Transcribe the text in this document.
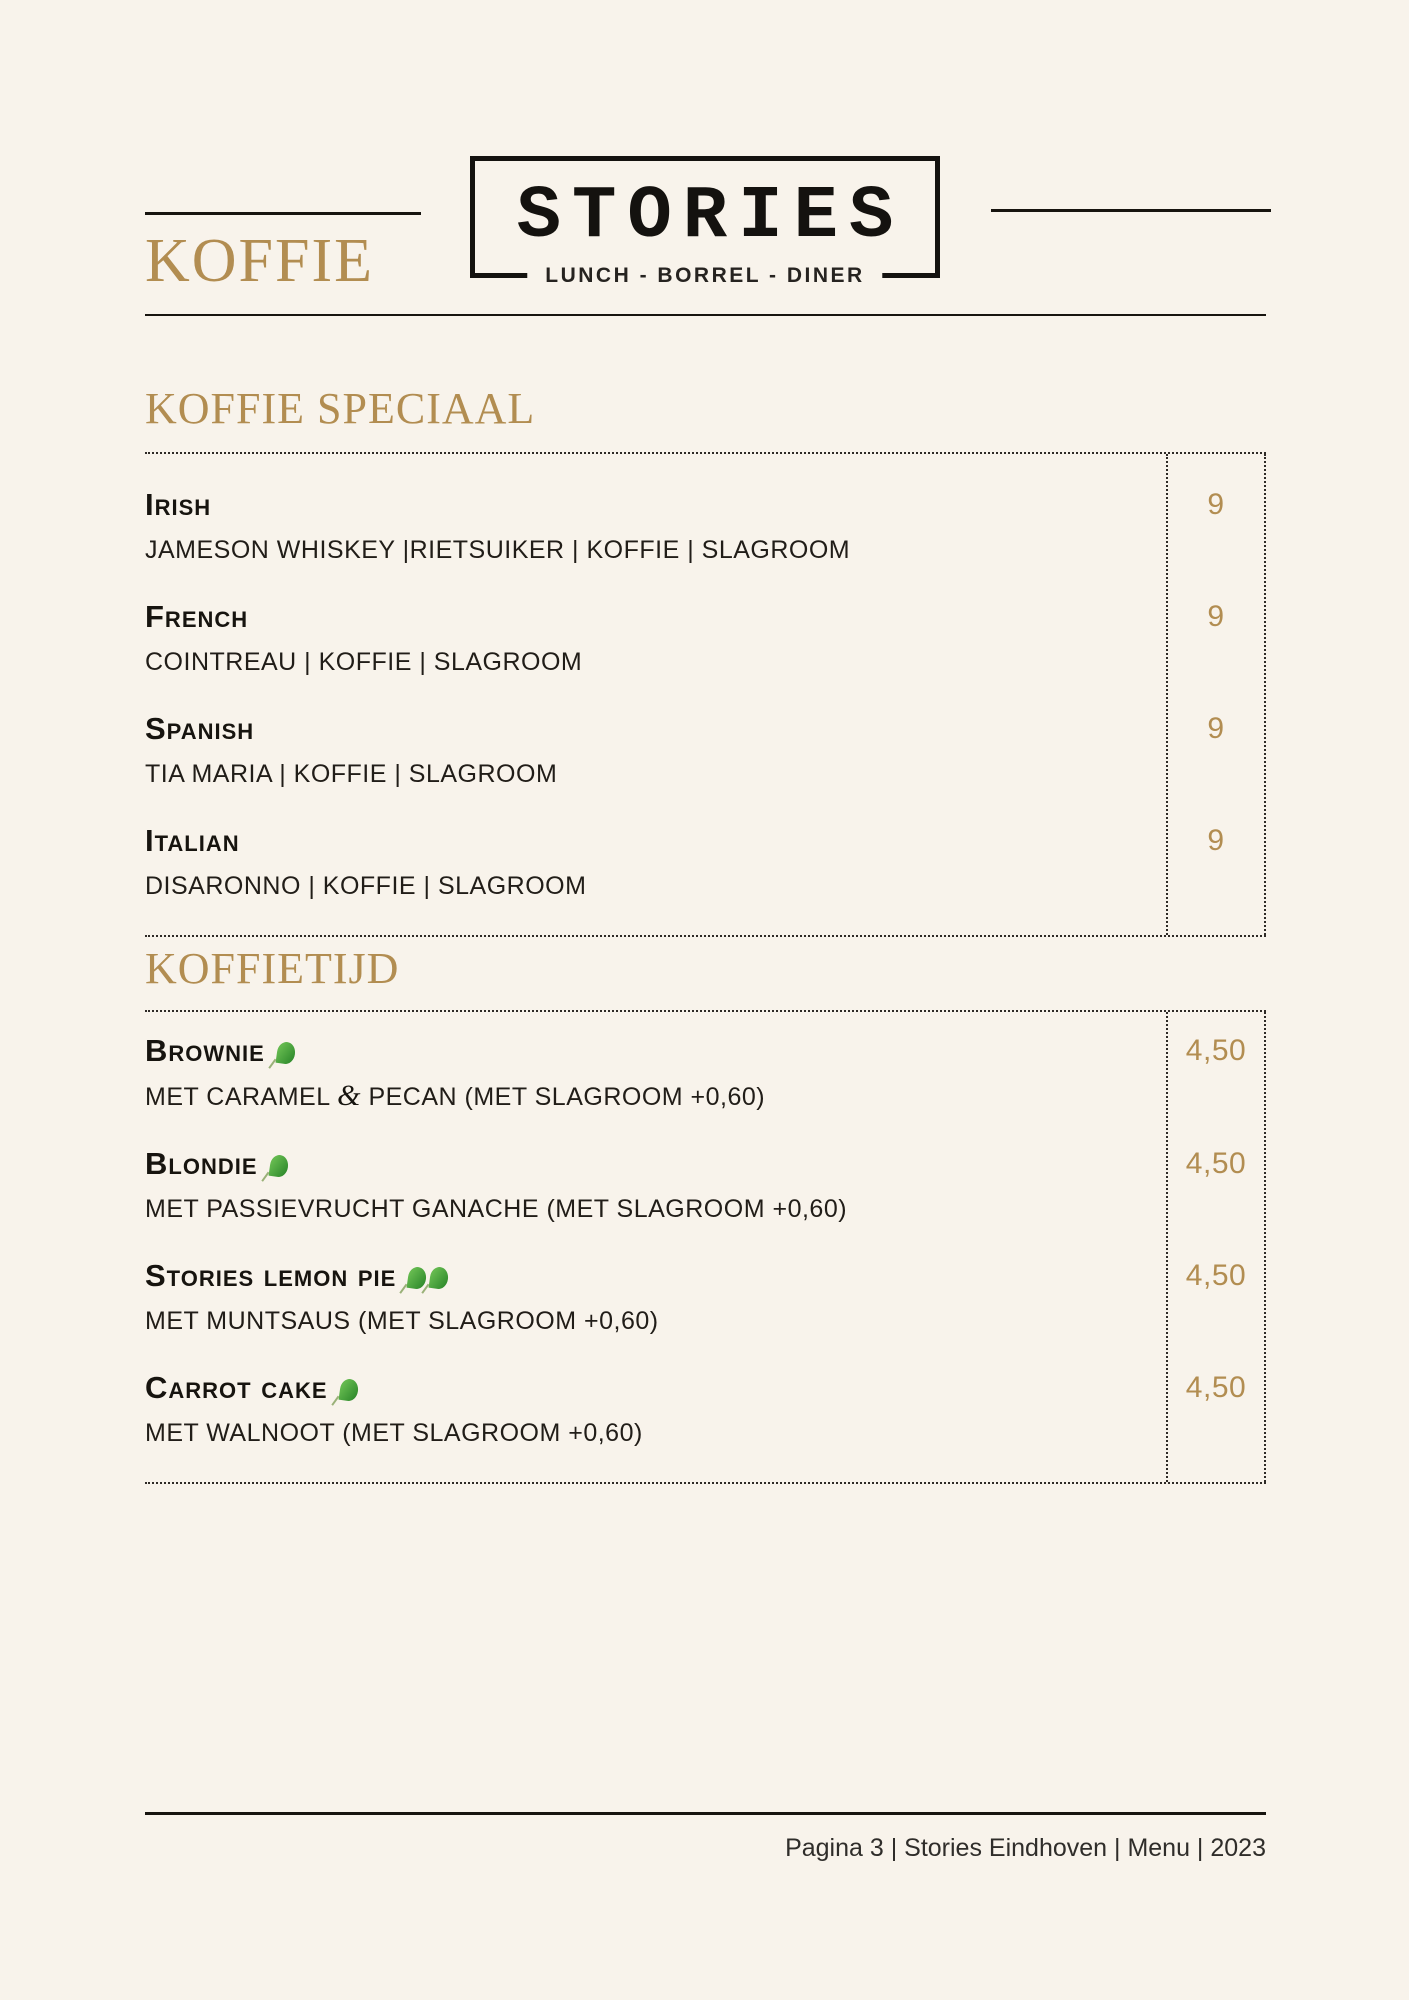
STORIES
LUNCH - BORREL - DINER
KOFFIE
KOFFIE SPECIAAL
Irish	9
JAMESON WHISKEY |RIETSUIKER | KOFFIE | SLAGROOM
French	9
COINTREAU | KOFFIE | SLAGROOM
Spanish	9
TIA MARIA | KOFFIE | SLAGROOM
Italian	9
DISARONNO | KOFFIE | SLAGROOM
KOFFIETIJD
Brownie	4,50
MET CARAMEL & PECAN (MET SLAGROOM +0,60)
Blondie	4,50
MET PASSIEVRUCHT GANACHE (MET SLAGROOM +0,60)
Stories lemon pie	4,50
MET MUNTSAUS (MET SLAGROOM +0,60)
Carrot cake	4,50
MET WALNOOT (MET SLAGROOM +0,60)
Pagina 3 | Stories Eindhoven | Menu | 2023
